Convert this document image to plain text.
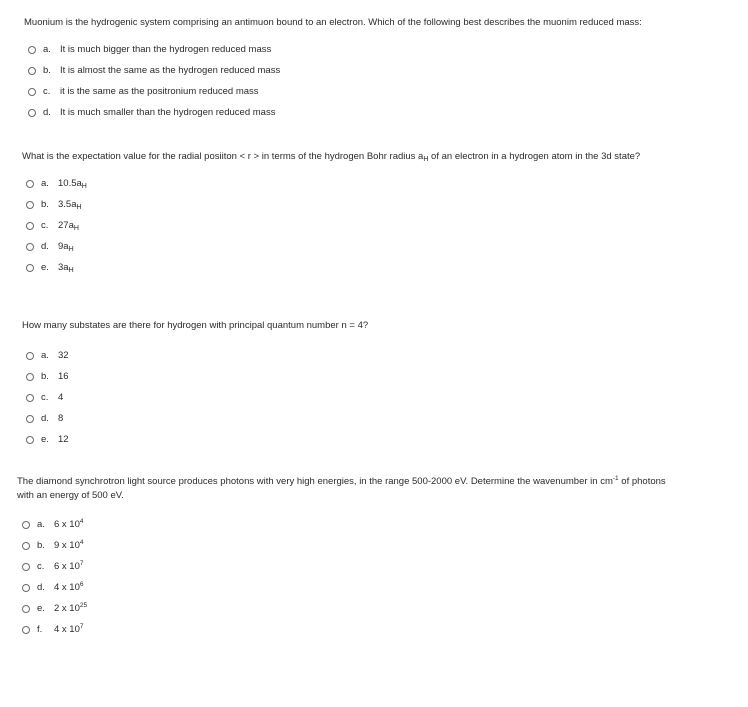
Muonium is the hydrogenic system comprising an antimuon bound to an electron. Which of the following best describes the muonim reduced mass:

a. It is much bigger than the hydrogen reduced mass
b. It is almost the same as the hydrogen reduced mass
c.	it is the same as the positronium reduced mass
d. It is much smaller than the hydrogen reduced mass

What is the expectation value for the radial posiiton < r > in terms of the hydrogen Bohr radius $a_H$ of an electron in a hydrogen atom in the 3d state?

a. $10.5a_H$
b. $3.5a_H$
c.	$27a_H$
d. $9a_H$
e. $3a_H$

How many substates are there for hydrogen with principal quantum number n = 4?

a. 32
b. 16
c.	4
d. 8
e. 12

The diamond synchrotron light source produces photons with very high energies, in the range 500-2000 eV. Determine the wavenumber in $cm^{-1}$ of photons with an energy of 500 eV.

a. 6 x $10^4$
b. 9 x $10^4$
c.	6 x $10^7$
d. 4 x $10^6$
e. 2 x $10^{25}$
f.	4 x $10^7$
